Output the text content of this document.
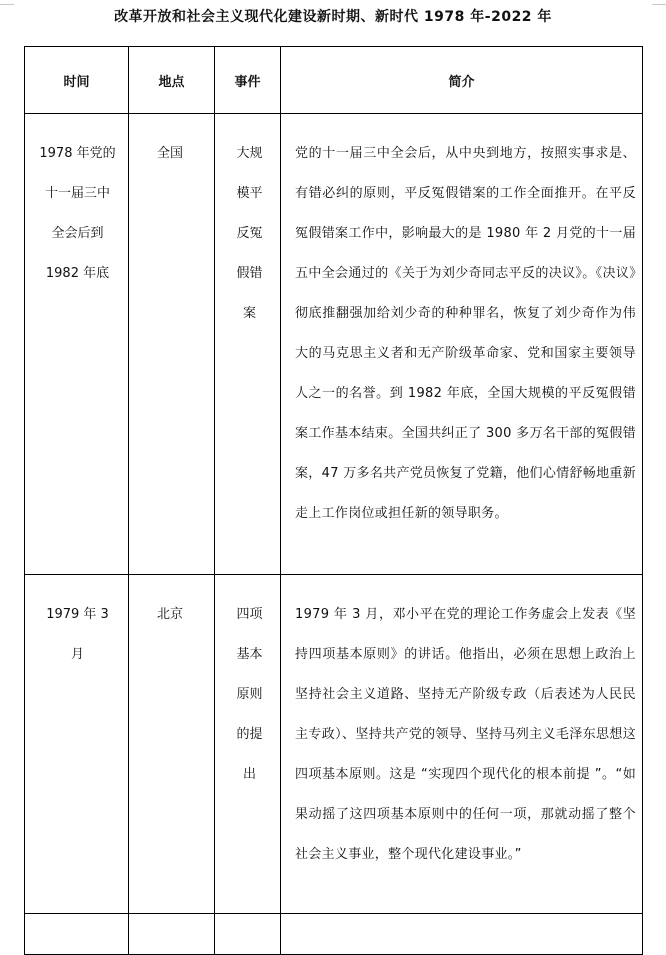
改革开放和社会主义现代化建设新时期、新时代 1978 年-2022 年
时间	地点	事件	简介

1978 年党的十一届三中全会后到 1982 年底	全国	大规模平反冤假错案	党的十一届三中全会后，从中央到地方，按照实事求是、有错必纠的原则，平反冤假错案的工作全面推开。在平反冤假错案工作中，影响最大的是 1980 年 2 月党的十一届五中全会通过的《关于为刘少奇同志平反的决议》。《决议》彻底推翻强加给刘少奇的种种罪名，恢复了刘少奇作为伟大的马克思主义者和无产阶级革命家、党和国家主要领导人之一的名誉。到 1982 年底，全国大规模的平反冤假错案工作基本结束。全国共纠正了 300 多万名干部的冤假错案，47 万多名共产党员恢复了党籍，他们心情舒畅地重新走上工作岗位或担任新的领导职务。

1979 年 3 月	北京	四项基本原则的提出	1979 年 3 月，邓小平在党的理论工作务虚会上发表《坚持四项基本原则》的讲话。他指出，必须在思想上政治上坚持社会主义道路、坚持无产阶级专政（后表述为人民民主专政）、坚持共产党的领导、坚持马列主义毛泽东思想这四项基本原则。这是 “实现四个现代化的根本前提 ”。“如果动摇了这四项基本原则中的任何一项，那就动摇了整个社会主义事业，整个现代化建设事业。”
